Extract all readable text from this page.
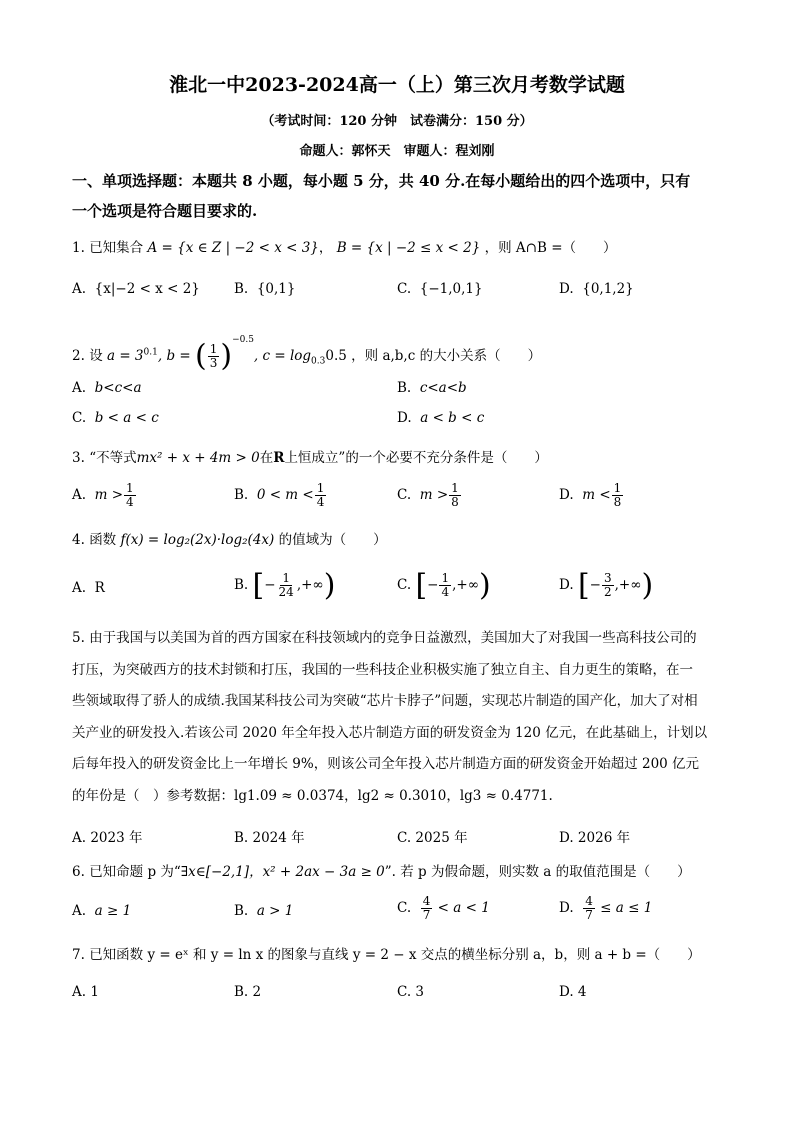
淮北一中2023-2024高一（上）第三次月考数学试题
（考试时间：120 分钟　试卷满分：150 分）
命题人：郭怀天　审题人：程刘刚
一、单项选择题：本题共 8 小题，每小题 5 分，共 40 分.在每小题给出的四个选项中，只有
一个选项是符合题目要求的.
1. 已知集合 A = {x ∈ Z | −2 < x < 3}， B = {x | −2 ≤ x < 2} ，则 A∩B =（　　）
A. {x|−2 < x < 2}	B. {0,1}	C. {−1,0,1}	D. {0,1,2}
2. 设 $a = 3^{0.1}$, b = ( $\frac{1}{3} )^{-0.5}$, $c = \log_{0.3}0.5$ ，则 a,b,c 的大小关系（　　）
A. b<c<a	B. c<a<b
C. b < a < c	D. a < b < c
3. “不等式mx² + x + 4m > 0在R上恒成立”的一个必要不充分条件是（　　）
A. $m > \frac{1}{4}$	B. $0 < m < \frac{1}{4}$	C. $m > \frac{1}{8}$	D. $m < \frac{1}{8}$
4. 函数 f(x) = log₂(2x)·log₂(4x) 的值域为（　　）
A. R	B. [− $\frac{1}{24}$ ,+∞)	C. [− $\frac{1}{4}$ ,+∞)	D. [− $\frac{3}{2}$ ,+∞)
5. 由于我国与以美国为首的西方国家在科技领域内的竞争日益激烈，美国加大了对我国一些高科技公司的
打压，为突破西方的技术封锁和打压，我国的一些科技企业积极实施了独立自主、自力更生的策略，在一
些领域取得了骄人的成绩.我国某科技公司为突破“芯片卡脖子”问题，实现芯片制造的国产化，加大了对相
关产业的研发投入.若该公司 2020 年全年投入芯片制造方面的研发资金为 120 亿元，在此基础上，计划以
后每年投入的研发资金比上一年增长 9%，则该公司全年投入芯片制造方面的研发资金开始超过 200 亿元
的年份是（　）参考数据：lg1.09 ≈ 0.0374，lg2 ≈ 0.3010，lg3 ≈ 0.4771.
A. 2023 年	B. 2024 年	C. 2025 年	D. 2026 年
6. 已知命题 p 为“∃x∈[−2,1]，x² + 2ax − 3a ≥ 0”. 若 p 为假命题，则实数 a 的取值范围是（　　）
A. a ≥ 1	B. a > 1	C. $\frac{4}{7} < a < 1$	D. $\frac{4}{7} \le a \le 1$
7. 已知函数 y = eˣ 和 y = ln x 的图象与直线 y = 2 − x 交点的横坐标分别 a，b，则 a + b =（　　）
A. 1	B. 2	C. 3	D. 4
